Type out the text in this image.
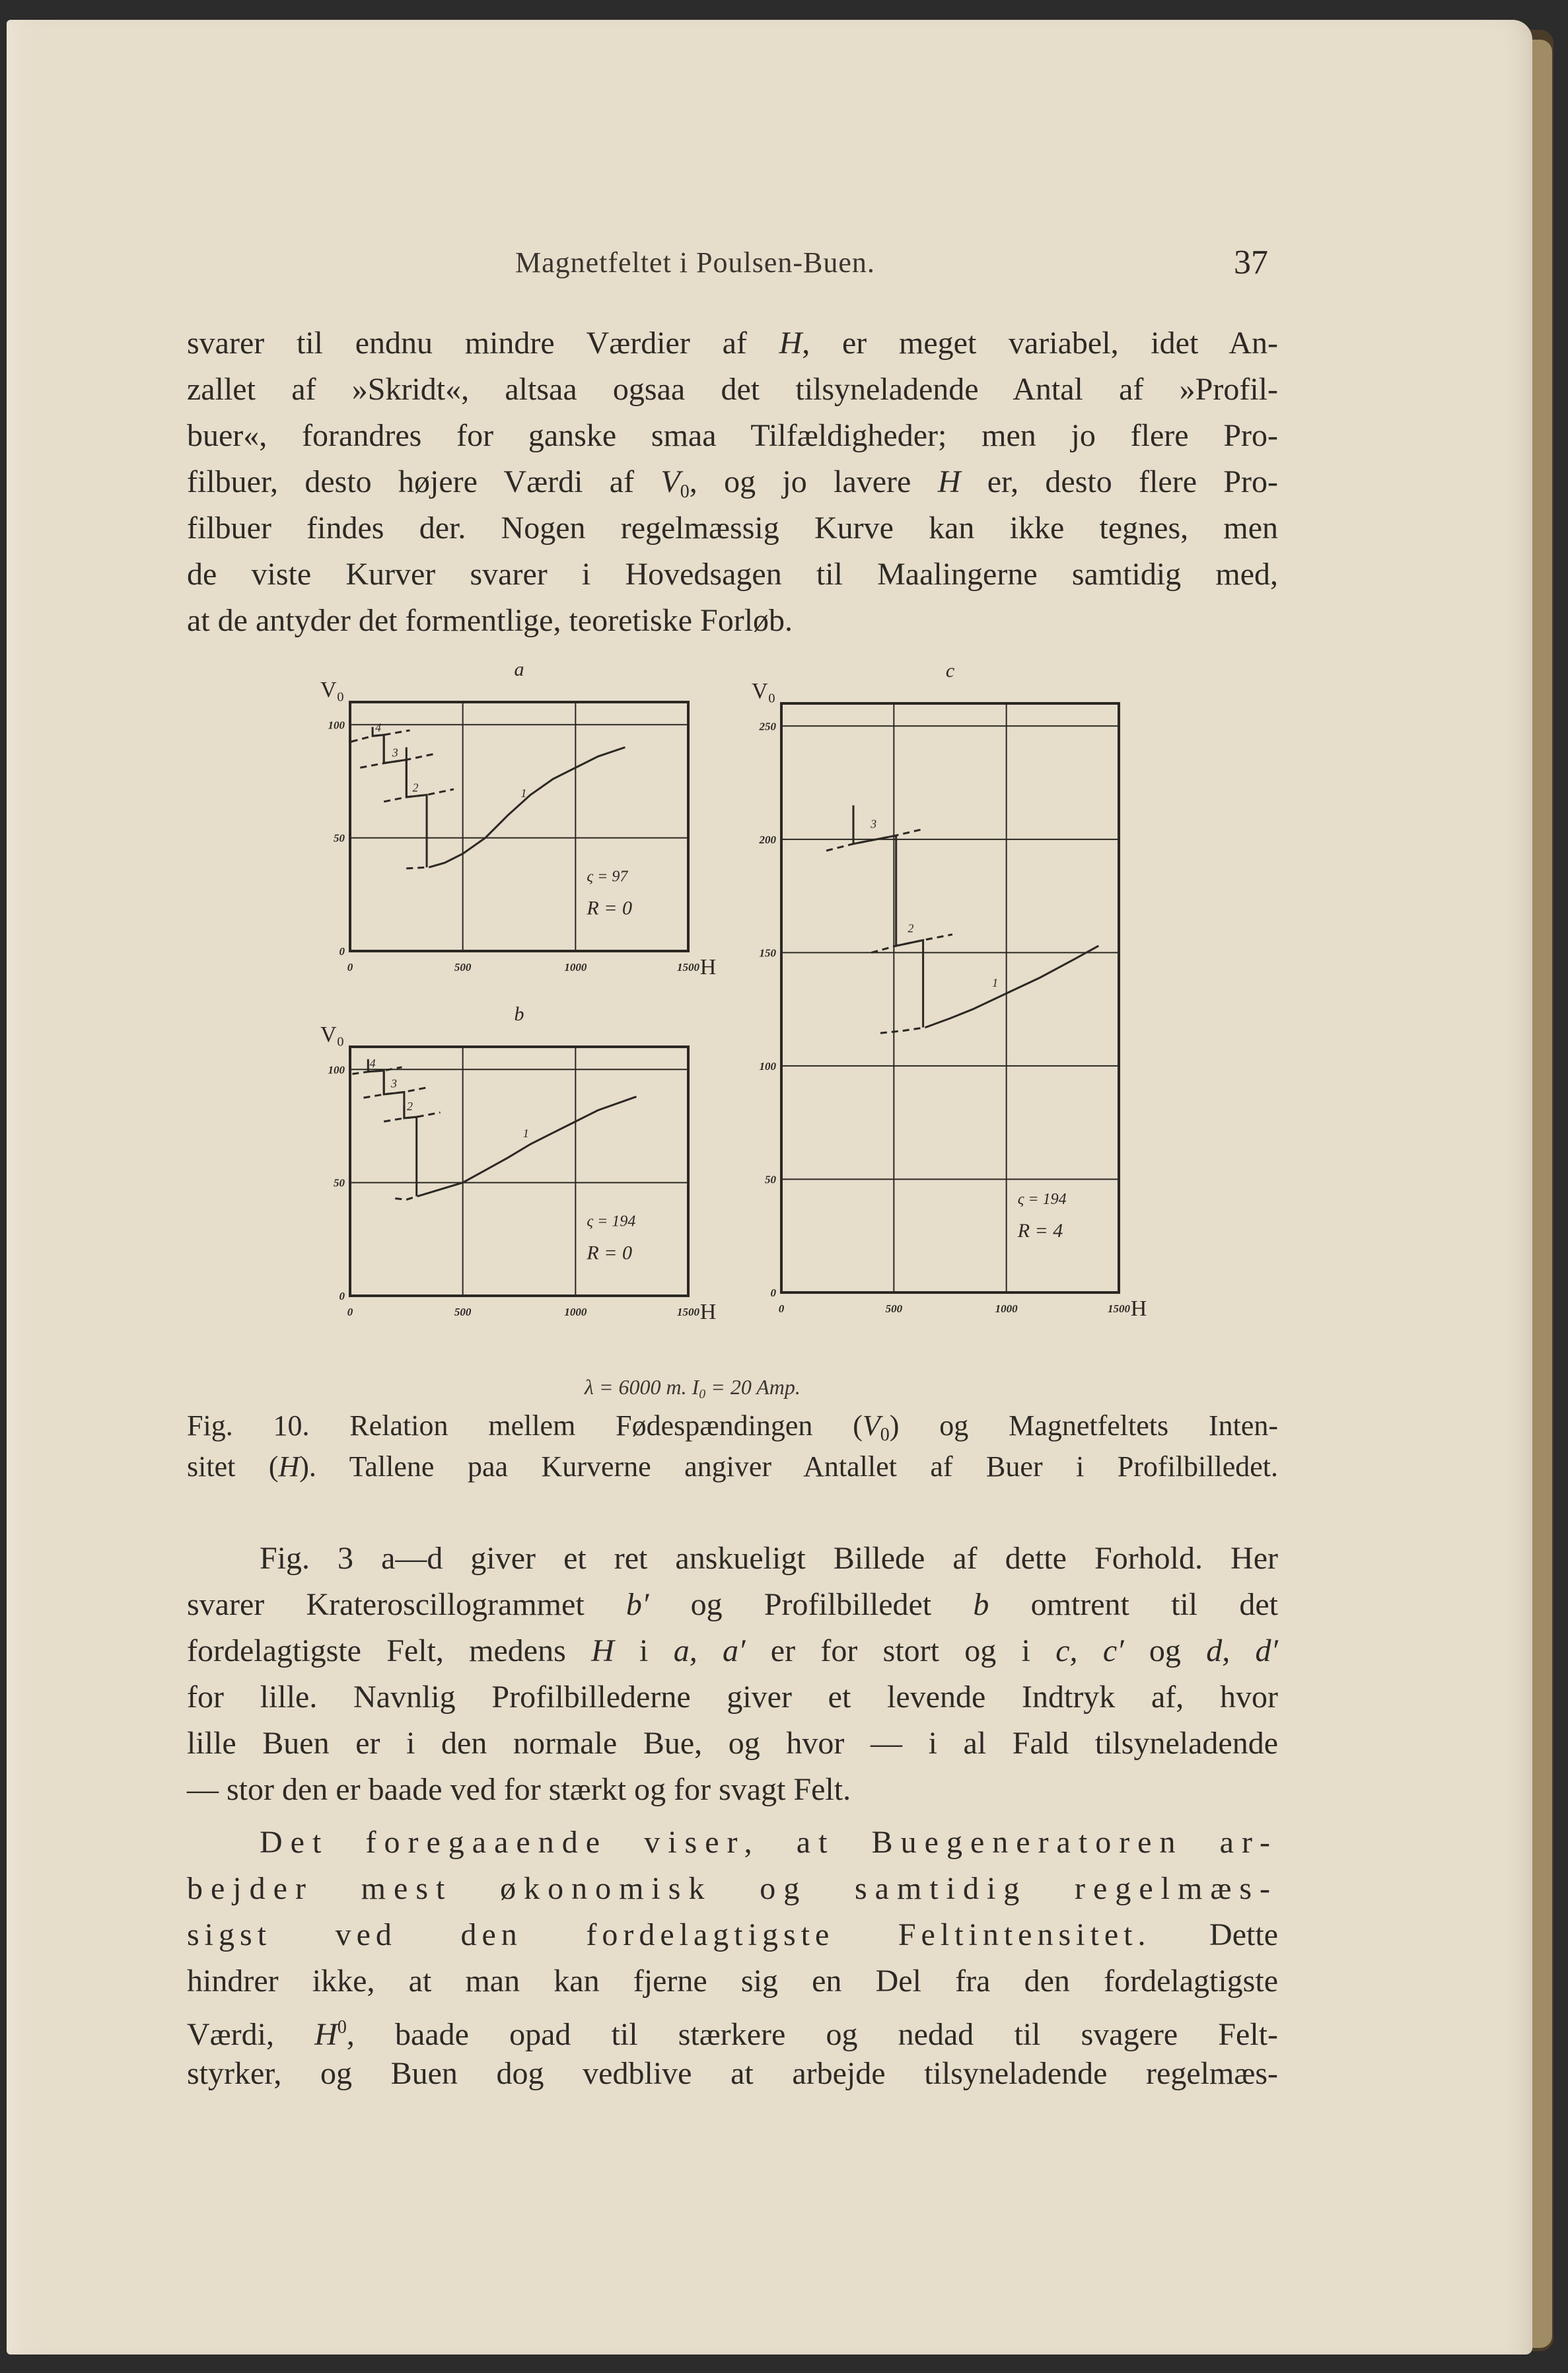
Magnetfeltet i Poulsen-Buen.	37
svarer til endnu mindre Værdier af H, er meget variabel, idet An-
zallet af »Skridt«, altsaa ogsaa det tilsyneladende Antal af »Profil-
buer«, forandres for ganske smaa Tilfældigheder; men jo flere Pro-
filbuer, desto højere Værdi af $V_0$, og jo lavere H er, desto flere Pro-
filbuer findes der. Nogen regelmæssig Kurve kan ikke tegnes, men
de viste Kurver svarer i Hovedsagen til Maalingerne samtidig med,
at de antyder det formentlige, teoretiske Forløb.
0
50
100
0	500	1000	1500 H
V₀
a
1
2
3
4
ς = 97
R = 0
0
50
100
0	500	1000	1500 H
V₀
b
1
2
3
4
ς = 194
R = 0
0
50
100
150
200
250
0	500	1000	1500 H
V₀
c
1
2
3
ς = 194
R = 4
λ = 6000 m. $I_0 = 20$ Amp.
Fig. 10. Relation mellem Fødespændingen $(V_0)$ og Magnetfeltets Inten-
sitet (H). Tallene paa Kurverne angiver Antallet af Buer i Profilbilledet.
Fig. 3 a—d giver et ret anskueligt Billede af dette Forhold. Her
svarer Krateroscillogrammet b′ og Profilbilledet b omtrent til det
fordelagtigste Felt, medens H i a, a′ er for stort og i c, c′ og d, d′
for lille. Navnlig Profilbillederne giver et levende Indtryk af, hvor
lille Buen er i den normale Bue, og hvor — i al Fald tilsyneladende
— stor den er baade ved for stærkt og for svagt Felt.
Det foregaaende viser, at Buegeneratoren ar-
bejder mest økonomisk og samtidig regelmæs-
sigst ved den fordelagtigste Feltintensitet. Dette
hindrer ikke, at man kan fjerne sig en Del fra den fordelagtigste
Værdi, $H^0$, baade opad til stærkere og nedad til svagere Felt-
styrker, og Buen dog vedblive at arbejde tilsyneladende regelmæs-
